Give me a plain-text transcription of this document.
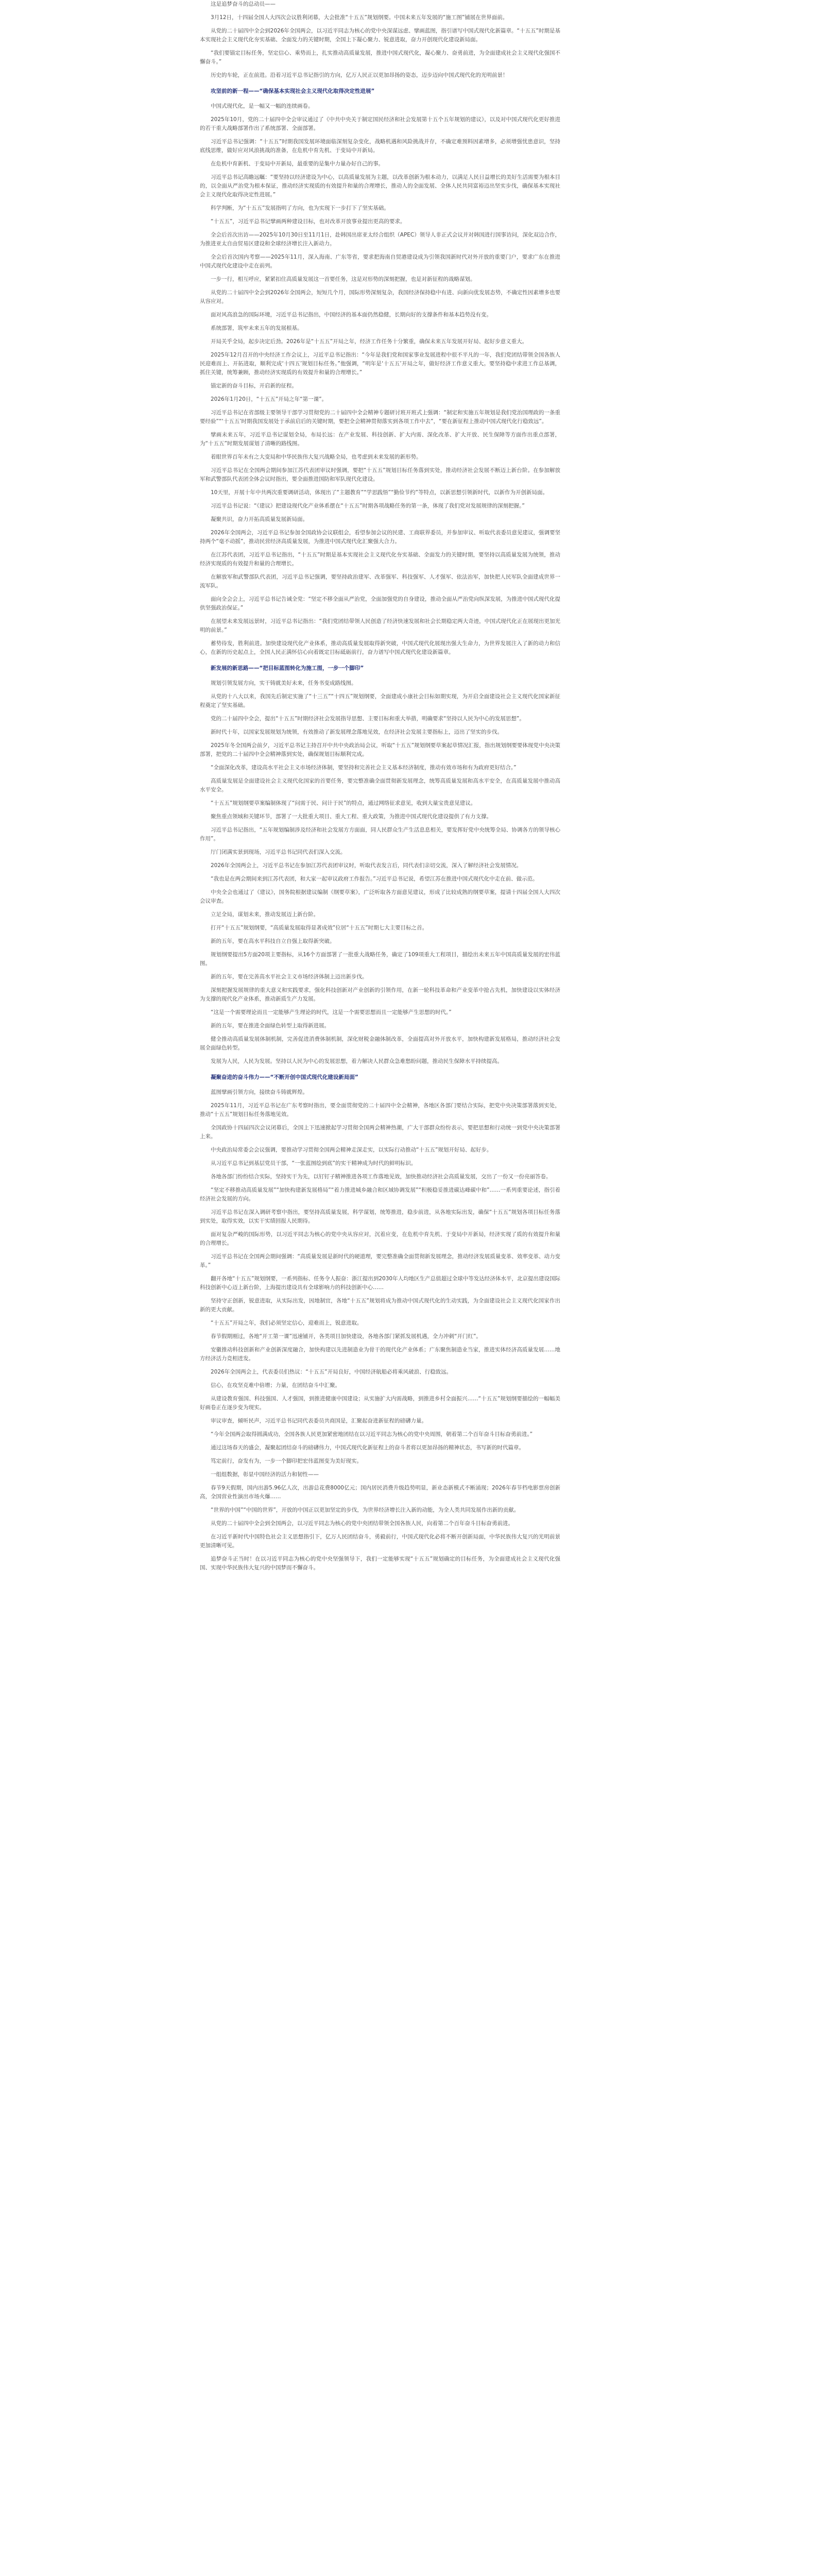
这是追梦奋斗的总动员——

3月12日，十四届全国人大四次会议胜利闭幕，大会批准“十五五”规划纲要。中国未来五年发展的“施工图”铺展在世界面前。

从党的二十届四中全会到2026年全国两会，以习近平同志为核心的党中央深谋远虑、擘画蓝图，指引谱写中国式现代化新篇章。“十五五”时期是基本实现社会主义现代化夯实基础、全面发力的关键时期，全国上下凝心聚力、锐意进取，奋力开创现代化建设新局面。

“我们要锚定目标任务，坚定信心、乘势而上，扎实推动高质量发展，推进中国式现代化，凝心聚力、奋勇前进，为全面建成社会主义现代化强国不懈奋斗。”

历史的车轮，正在前进。沿着习近平总书记指引的方向，亿万人民正以更加昂扬的姿态，迈步迈向中国式现代化的光明前景！

攻坚前的新一程——“确保基本实现社会主义现代化取得决定性进展”

中国式现代化，是一幅又一幅的连续画卷。

2025年10月，党的二十届四中全会审议通过了《中共中央关于制定国民经济和社会发展第十五个五年规划的建议》，以及对中国式现代化更好推进的若干重大战略部署作出了系统部署、全面部署。

习近平总书记强调：“十五五”时期我国发展环境面临深刻复杂变化，战略机遇和风险挑战并存，不确定难预料因素增多，必须增强忧患意识，坚持底线思维，做好应对风浪挑战的准备，在危机中育先机、于变局中开新局。

在危机中育新机、于变局中开新局，最重要的是集中力量办好自己的事。

习近平总书记高瞻远瞩：“要坚持以经济建设为中心，以高质量发展为主题，以改革创新为根本动力，以满足人民日益增长的美好生活需要为根本目的，以全面从严治党为根本保证，推动经济实现质的有效提升和量的合理增长，推动人的全面发展、全体人民共同富裕迈出坚实步伐，确保基本实现社会主义现代化取得决定性进展。”

科学判断，为“十五五”发展指明了方向，也为实现下一步打下了坚实基础。

“十五五”，习近平总书记擘画两种建设目标，也对改革开放事业提出更高的要求。

全会后首次出访——2025年10月30日至11月1日，赴韩国出席亚太经合组织（APEC）领导人非正式会议并对韩国进行国事访问，深化双边合作，为推进亚太自由贸易区建设和全球经济增长注入新动力。

全会后首次国内考察——2025年11月，深入海南、广东等省，要求把海南自贸港建设成为引领我国新时代对外开放的重要门户，要求广东在推进中国式现代化建设中走在前列。

一步一行，相互呼应，紧紧扣住高质量发展这一首要任务，这是对形势的深刻把握，也是对新征程的战略谋划。

从党的二十届四中全会到2026年全国两会，短短几个月，国际形势深刻复杂，我国经济保持稳中有进、向新向优发展态势，不确定性因素增多也要从容应对。

面对风高浪急的国际环境，习近平总书记指出，中国经济的基本面仍然稳健，长期向好的支撑条件和基本趋势没有变。

系统部署，筑牢未来五年的发展根基。

开局关乎全局，起步决定后劲。2026年是“十五五”开局之年，经济工作任务十分繁重，确保未来五年发展开好局、起好步意义重大。

2025年12月召开的中央经济工作会议上，习近平总书记指出：“今年是我们党和国家事业发展进程中很不平凡的一年，我们党团结带领全国各族人民迎难而上、开拓进取，顺利完成‘十四五’规划目标任务。”他强调，“明年是‘十五五’开局之年，做好经济工作意义重大。要坚持稳中求进工作总基调，抓住关键，统筹兼顾，推动经济实现质的有效提升和量的合理增长。”

锚定新的奋斗目标，开启新的征程。

2026年1月20日，“十五五”开局之年“第一课”。

习近平总书记在省部级主要领导干部学习贯彻党的二十届四中全会精神专题研讨班开班式上强调：“制定和实施五年规划是我们党治国理政的一条重要经验”“‘十五五’时期我国发展处于承前启后的关键时期，要把全会精神贯彻落实到各项工作中去”，“要在新征程上推动中国式现代化行稳致远”。

擘画未来五年，习近平总书记谋划全局，布局长远：在产业发展、科技创新、扩大内需、深化改革、扩大开放、民生保障等方面作出重点部署，为“十五五”时期发展谋划了清晰的路线图。

着眼世界百年未有之大变局和中华民族伟大复兴战略全局，也考虑到未来发展的新形势。

习近平总书记在全国两会期间参加江苏代表团审议时强调，要把“十五五”规划目标任务落到实处，推动经济社会发展不断迈上新台阶。在参加解放军和武警部队代表团全体会议时指出，要全面推进国防和军队现代化建设。

10天里，开展十年中共两次重要调研活动，体现出了“主题教育”“学思践悟”“勤俭节约”等特点，以新思想引领新时代，以新作为开创新局面。

习近平总书记说：“《建议》把建设现代化产业体系摆在“十五五”时期各项战略任务的第一条，体现了我们党对发展规律的深刻把握。”

凝聚共识，奋力开拓高质量发展新局面。

2026年全国两会，习近平总书记参加全国政协会议联组会，看望参加会议的民建、工商联界委员，并参加审议、听取代表委员意见建议，强调要坚持两个“毫不动摇”，推动民营经济高质量发展，为推进中国式现代化汇聚强大合力。

在江苏代表团，习近平总书记指出，“十五五”时期是基本实现社会主义现代化夯实基础、全面发力的关键时期，要坚持以高质量发展为统领，推动经济实现质的有效提升和量的合理增长。

在解放军和武警部队代表团，习近平总书记强调，要坚持政治建军、改革强军、科技强军、人才强军、依法治军，加快把人民军队全面建成世界一流军队。

面向全会会上，习近平总书记告诫全党：“坚定不移全面从严治党，全面加强党的自身建设，推动全面从严治党向纵深发展，为推进中国式现代化提供坚强政治保证。”

在展望未来发展远景时，习近平总书记指出：“我们党团结带领人民创造了经济快速发展和社会长期稳定两大奇迹，中国式现代化正在展现出更加光明的前景。”

蓄势待发，胜利前进。加快建设现代化产业体系，推动高质量发展取得新突破，中国式现代化展现出强大生命力，为世界发展注入了新的动力和信心，在新的历史起点上，全国人民正满怀信心向着既定目标砥砺前行，奋力谱写中国式现代化建设新篇章。

新发展的新思路——“把目标蓝图转化为施工图，一步一个脚印”

规划引领发展方向，实干铸就美好未来，任务书变成路线图。

从党的十八大以来，我国先后制定实施了“十三五”“十四五”规划纲要，全面建成小康社会目标如期实现，为开启全面建设社会主义现代化国家新征程奠定了坚实基础。

党的二十届四中全会，提出“十五五”时期经济社会发展指导思想、主要目标和重大举措，明确要求“坚持以人民为中心的发展思想”。

新时代十年，以国家发展规划为统领，有效推动了新发展理念落地见效，在经济社会发展主要指标上，迈出了坚实的步伐。

2025年冬全国两会前夕，习近平总书记主持召开中共中央政治局会议，听取“十五五”规划纲要草案起草情况汇报，指出规划纲要要体现党中央决策部署，把党的二十届四中全会精神落到实处，确保规划目标顺利完成。

“全面深化改革，建设高水平社会主义市场经济体制，要坚持和完善社会主义基本经济制度，推动有效市场和有为政府更好结合。”

高质量发展是全面建设社会主义现代化国家的首要任务，要完整准确全面贯彻新发展理念，统筹高质量发展和高水平安全，在高质量发展中推动高水平安全。

“十五五”规划纲要草案编制体现了“问需于民、问计于民”的特点，通过网络征求意见，收到大量宝贵意见建议。

聚焦重点领域和关键环节，部署了一大批重大项目、重大工程、重大政策，为推进中国式现代化建设提供了有力支撑。

习近平总书记指出，“五年规划编制涉及经济和社会发展方方面面，同人民群众生产生活息息相关，要发挥好党中央统筹全局、协调各方的领导核心作用”。

厅门闭满实景到现场，习近平总书记同代表们深入交流。

2026年全国两会上，习近平总书记在参加江苏代表团审议时，听取代表发言后，同代表们亲切交流，深入了解经济社会发展情况。

“我也是在两会期间来到江苏代表团，和大家一起审议政府工作报告。”习近平总书记说，希望江苏在推进中国式现代化中走在前、做示范。

中央全会也通过了《建议》，国务院根据建议编制《纲要草案》，广泛听取各方面意见建议，形成了比较成熟的纲要草案，提请十四届全国人大四次会议审查。

立足全局，谋划未来，推动发展迈上新台阶。

打开“十五五”规划纲要，“高质量发展取得显著成效”位居“十五五”时期七大主要目标之首。

新的五年，要在高水平科技自立自强上取得新突破。

规划纲要提出5方面20项主要指标，从16个方面部署了一批重大战略任务，确定了109项重大工程项目，描绘出未来五年中国高质量发展的宏伟蓝图。

新的五年，要在完善高水平社会主义市场经济体制上迈出新步伐。

深刻把握发展规律的重大意义和实践要求，强化科技创新对产业创新的引领作用，在新一轮科技革命和产业变革中抢占先机，加快建设以实体经济为支撑的现代化产业体系，推动新质生产力发展。

“这是一个需要理论而且一定能够产生理论的时代，这是一个需要思想而且一定能够产生思想的时代。”

新的五年，要在推进全面绿色转型上取得新进展。

健全推动高质量发展体制机制，完善促进消费体制机制，深化财税金融体制改革，全面提高对外开放水平，加快构建新发展格局，推动经济社会发展全面绿色转型。

发展为人民，人民为发展。坚持以人民为中心的发展思想，着力解决人民群众急难愁盼问题，推动民生保障水平持续提高。

凝聚奋进的奋斗伟力——“不断开创中国式现代化建设新局面”

蓝图擘画引领方向，接续奋斗铸就辉煌。

2025年11月，习近平总书记在广东考察时指出，要全面贯彻党的二十届四中全会精神，各地区各部门要结合实际，把党中央决策部署落到实处，推动“十五五”规划目标任务落地见效。

全国政协十四届四次会议闭幕后，全国上下迅速掀起学习贯彻全国两会精神热潮，广大干部群众纷纷表示，要把思想和行动统一到党中央决策部署上来。

中央政治局常委会会议强调，要推动学习贯彻全国两会精神走深走实，以实际行动推动“十五五”规划开好局、起好步。

从习近平总书记到基层党员干部，“一张蓝图绘到底”的实干精神成为时代的鲜明标识。

各地各部门纷纷结合实际，坚持实干为先，以钉钉子精神推进各项工作落地见效，加快推动经济社会高质量发展，交出了一份又一份亮丽答卷。

“坚定不移推动高质量发展”“加快构建新发展格局”“着力推进城乡融合和区域协调发展”“积极稳妥推进碳达峰碳中和”……一系列重要论述，指引着经济社会发展的方向。

习近平总书记在深入调研考察中指出，要坚持高质量发展，科学谋划，统筹推进，稳步前进，从各地实际出发，确保“十五五”规划各项目标任务落到实处，取得实效，以实干实绩回报人民期待。

面对复杂严峻的国际形势，以习近平同志为核心的党中央从容应对，沉着应变，在危机中育先机、于变局中开新局，经济实现了质的有效提升和量的合理增长。

习近平总书记在全国两会期间强调：“高质量发展是新时代的硬道理，要完整准确全面贯彻新发展理念，推动经济发展质量变革、效率变革、动力变革。”

翻开各地“十五五”规划纲要，一系列指标、任务令人振奋：浙江提出到2030年人均地区生产总值超过全球中等发达经济体水平，北京提出建设国际科技创新中心迈上新台阶，上海提出建设具有全球影响力的科技创新中心……

坚持守正创新，锐意进取，从实际出发，因地制宜，各地“十五五”规划将成为推动中国式现代化的生动实践，为全面建设社会主义现代化国家作出新的更大贡献。

“十五五”开局之年，我们必须坚定信心，迎难而上，锐意进取。

春节假期刚过，各地“开工第一课”迅速铺开，各类项目加快建设，各地各部门紧抓发展机遇，全力冲刺“开门红”。

安徽推动科技创新和产业创新深度融合，加快构建以先进制造业为骨干的现代化产业体系；广东聚焦制造业当家，推进实体经济高质量发展……地方经济活力竞相迸发。

2026年全国两会上，代表委员们热议：“十五五”开局良好，中国经济航船必将乘风破浪、行稳致远。

信心，在攻坚克难中倍增；力量，在团结奋斗中汇聚。

从建设教育强国、科技强国、人才强国，到推进健康中国建设；从实施扩大内需战略，到推进乡村全面振兴……“十五五”规划纲要描绘的一幅幅美好画卷正在逐步变为现实。

审议审查，倾听民声，习近平总书记同代表委员共商国是，汇聚起奋进新征程的磅礴力量。

“今年全国两会取得圆满成功，全国各族人民更加紧密地团结在以习近平同志为核心的党中央周围，朝着第二个百年奋斗目标奋勇前进。”

通过这场春天的盛会，凝聚起团结奋斗的磅礴伟力，中国式现代化新征程上的奋斗者将以更加昂扬的精神状态，书写新的时代篇章。

笃定前行，奋发有为，一步一个脚印把宏伟蓝图变为美好现实。

一组组数据，彰显中国经济的活力和韧性——

春节9天假期，国内出游5.96亿人次，出游总花费8000亿元；国内居民消费升级趋势明显，新业态新模式不断涌现；2026年春节档电影票房创新高，全国营业性演出市场火爆……

“世界的中国”“中国的世界”，开放的中国正以更加坚定的步伐，为世界经济增长注入新的动能，为全人类共同发展作出新的贡献。

从党的二十届四中全会到全国两会，以习近平同志为核心的党中央团结带领全国各族人民，向着第二个百年奋斗目标奋勇前进。

在习近平新时代中国特色社会主义思想指引下，亿万人民团结奋斗，勇毅前行，中国式现代化必将不断开创新局面，中华民族伟大复兴的光明前景更加清晰可见。

追梦奋斗正当时！在以习近平同志为核心的党中央坚强领导下，我们一定能够实现“十五五”规划确定的目标任务，为全面建成社会主义现代化强国、实现中华民族伟大复兴的中国梦而不懈奋斗。
